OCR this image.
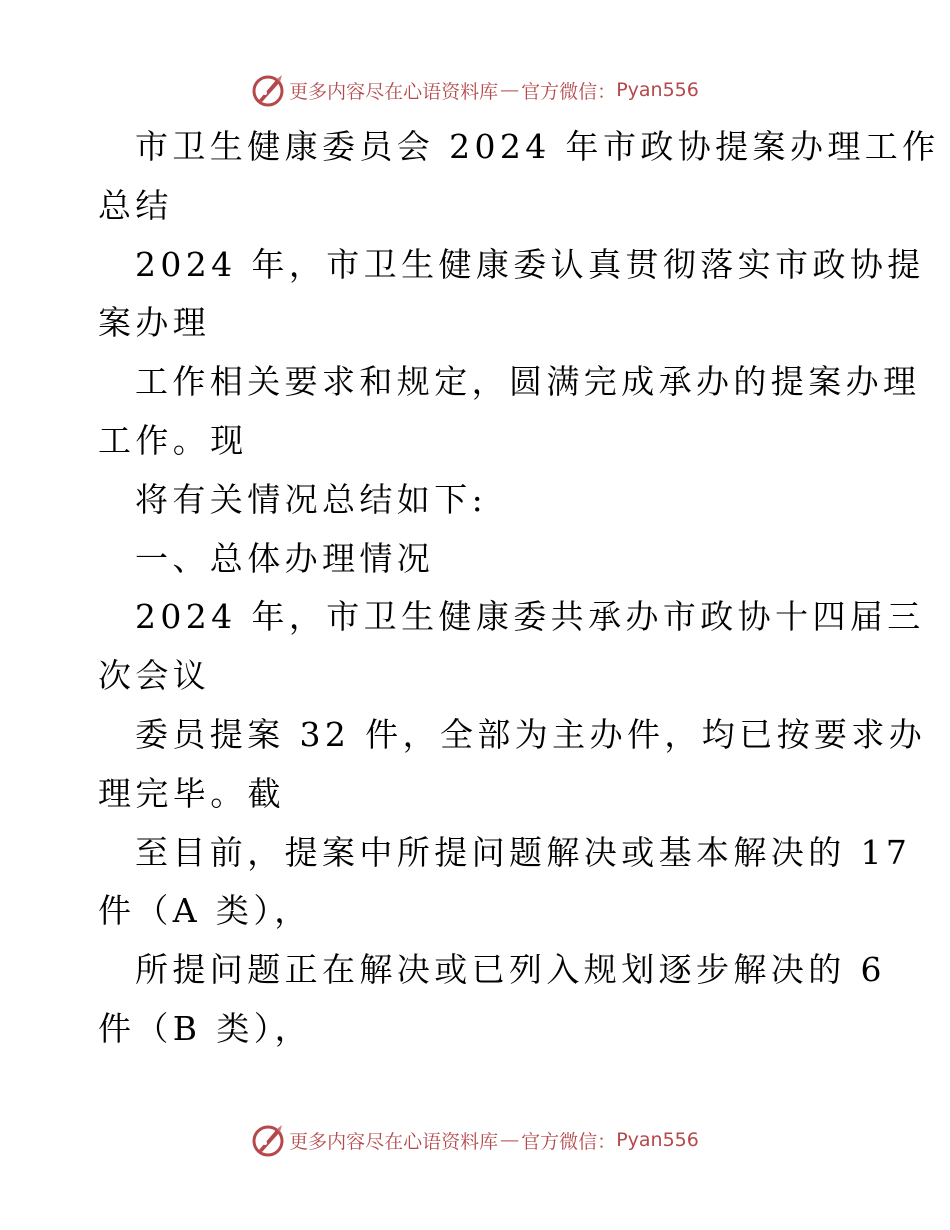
更多内容尽在心语资料库 — 官方微信： Pyan556
市卫生健康委员会 2024 年市政协提案办理工作
总结
2024 年，市卫生健康委认真贯彻落实市政协提
案办理
工作相关要求和规定，圆满完成承办的提案办理
工作。现
将有关情况总结如下:
一、总体办理情况
2024 年，市卫生健康委共承办市政协十四届三
次会议
委员提案 32 件，全部为主办件，均已按要求办
理完毕。截
至目前，提案中所提问题解决或基本解决的 17
件（A 类），
所提问题正在解决或已列入规划逐步解决的 6
件（B 类），
更多内容尽在心语资料库 — 官方微信： Pyan556
